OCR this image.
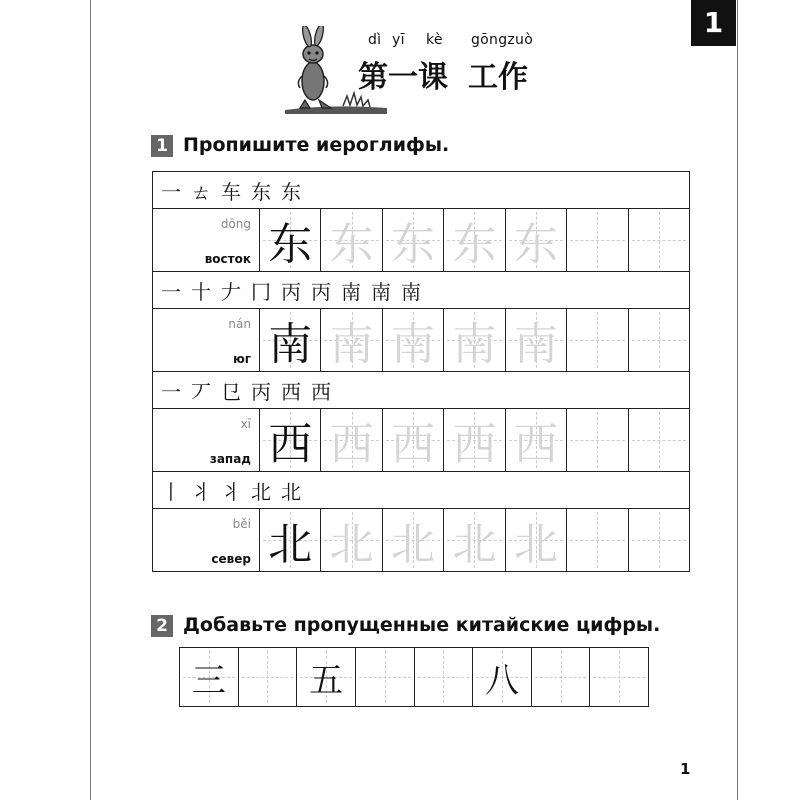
1
dì yī kè gōngzuò
第一课 工作
1 Пропишите иероглифы.
一 ㄊ 车 东 东
dōng
восток 东 东 东 东 东
一 十 𠂇 冂 丙 丙 南 南 南
nán
юг 南 南 南 南 南
一 丆 㔾 丙 西 西
xī
запад 西 西 西 西 西
丨 丬 丬 北 北
běi
север 北 北 北 北 北
2 Добавьте пропущенные китайские цифры.
三 五	八
1
